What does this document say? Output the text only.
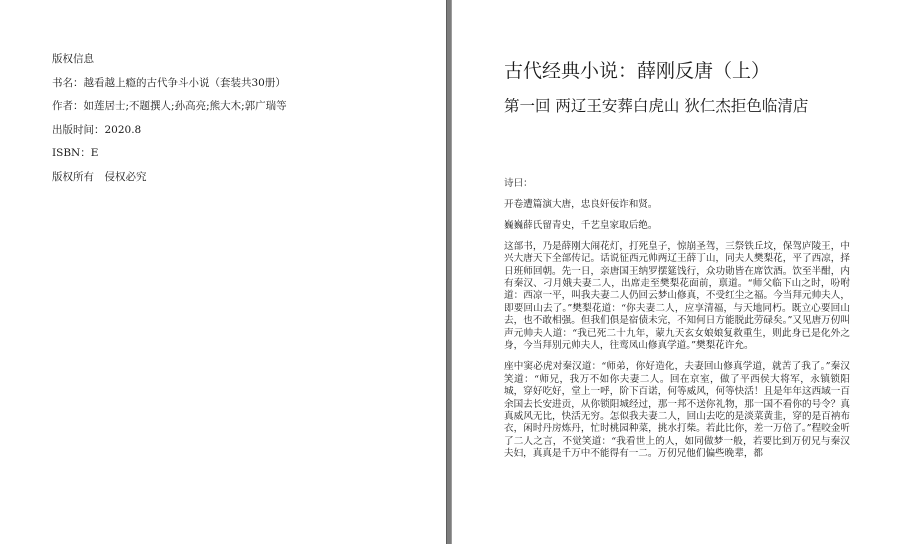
版权信息

书名：越看越上瘾的古代争斗小说（套装共30册）

作者：如莲居士;不题撰人;孙高亮;熊大木;郭广瑞等

出版时间：2020.8

ISBN：E

版权所有　侵权必究

古代经典小说：薛刚反唐（上）
第一回 两辽王安葬白虎山 狄仁杰拒色临清店

诗曰：

开卷遭篇演大唐，忠良奸佞诈和贤。

巍巍薛氏留青史，千艺皇家取后绝。

这部书，乃是薛刚大闹花灯，打死皇子，惊崩圣驾，三祭铁丘坟，保驾庐陵王，中兴大唐天下全部传记。话说征西元帅两辽王薛丁山，同夫人樊梨花，平了西凉，择日班师回朝。先一日，亲唐国王纳罗摆筵饯行，众功勋皆在席饮酒。饮至半酣，内有秦汉、刁月娥夫妻二人，出席走至樊梨花面前，禀道。“师父临下山之时，吩咐道：西凉一平，叫我夫妻二人仍回云梦山修真，不受红尘之福。今当拜元帅夫人，即要回山去了。”樊梨花道：“你夫妻二人，应享清福，与天地同朽。既立心要回山去，也不敢相强。但我们俱是宿债未完，不知何日方能脱此劳碌矣。”又见唐万仞叫声元帅夫人道：“我已死二十九年，蒙九天玄女娘娘复救重生，则此身已是化外之身，今当拜别元帅夫人，往鸾凤山修真学道。”樊梨花许允。

座中窦必虎对秦汉道：“师弟，你好造化，夫妻回山修真学道，就苦了我了。”秦汉笑道：“师兄，我万不如你夫妻二人。回在京室，做了平西侯大将军，永镇锁阳城，穿好吃好，堂上一呼，阶下百诺，何等威风，何等快活！且是年年这西域一百余国去长安进贡，从你锁阳城经过，那一邦不送你礼物，那一国不看你的号令？真真威风无比，快活无穷。怎似我夫妻二人，回山去吃的是淡菜黄韭，穿的是百衲布衣，闲时丹房炼丹，忙时桃园种菜，挑水打柴。若此比你，差一万倍了。”程咬金听了二人之言，不觉笑道：“我看世上的人，如同做梦一般，若要比到万仞兄与秦汉夫妇，真真是千万中不能得有一二。万仞兄他们偏些晚辈，都
